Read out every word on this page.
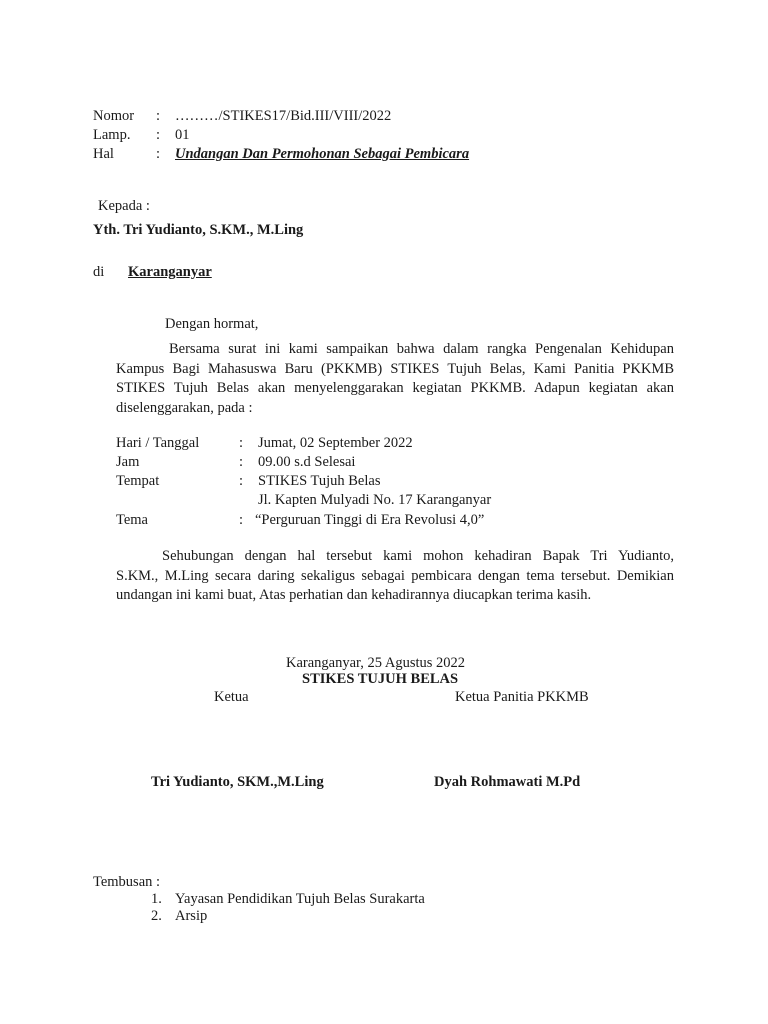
Nomor : ………/STIKES17/Bid.III/VIII/2022
Lamp. : 01
Hal	: Undangan Dan Permohonan Sebagai Pembicara
Kepada :
Yth. Tri Yudianto, S.KM., M.Ling
di Karanganyar
Dengan hormat,
Bersama surat ini kami sampaikan bahwa dalam rangka Pengenalan Kehidupan
Kampus Bagi Mahasuswa Baru (PKKMB) STIKES Tujuh Belas, Kami Panitia PKKMB STIKES Tujuh Belas akan menyelenggarakan kegiatan PKKMB. Adapun kegiatan akan diselenggarakan, pada :
Hari / Tanggal	: Jumat, 02 September 2022
Jam	: 09.00 s.d Selesai
Tempat	: STIKES Tujuh Belas
Jl. Kapten Mulyadi No. 17 Karanganyar
Tema	: “Perguruan Tinggi di Era Revolusi 4,0”
Sehubungan dengan hal tersebut kami mohon kehadiran Bapak Tri Yudianto,
S.KM., M.Ling secara daring sekaligus sebagai pembicara dengan tema tersebut. Demikian undangan ini kami buat, Atas perhatian dan kehadirannya diucapkan terima kasih.
Karanganyar, 25 Agustus 2022
STIKES TUJUH BELAS
Ketua	Ketua Panitia PKKMB
Tri Yudianto, SKM.,M.Ling	Dyah Rohmawati M.Pd
Tembusan :
1. Yayasan Pendidikan Tujuh Belas Surakarta
2. Arsip
